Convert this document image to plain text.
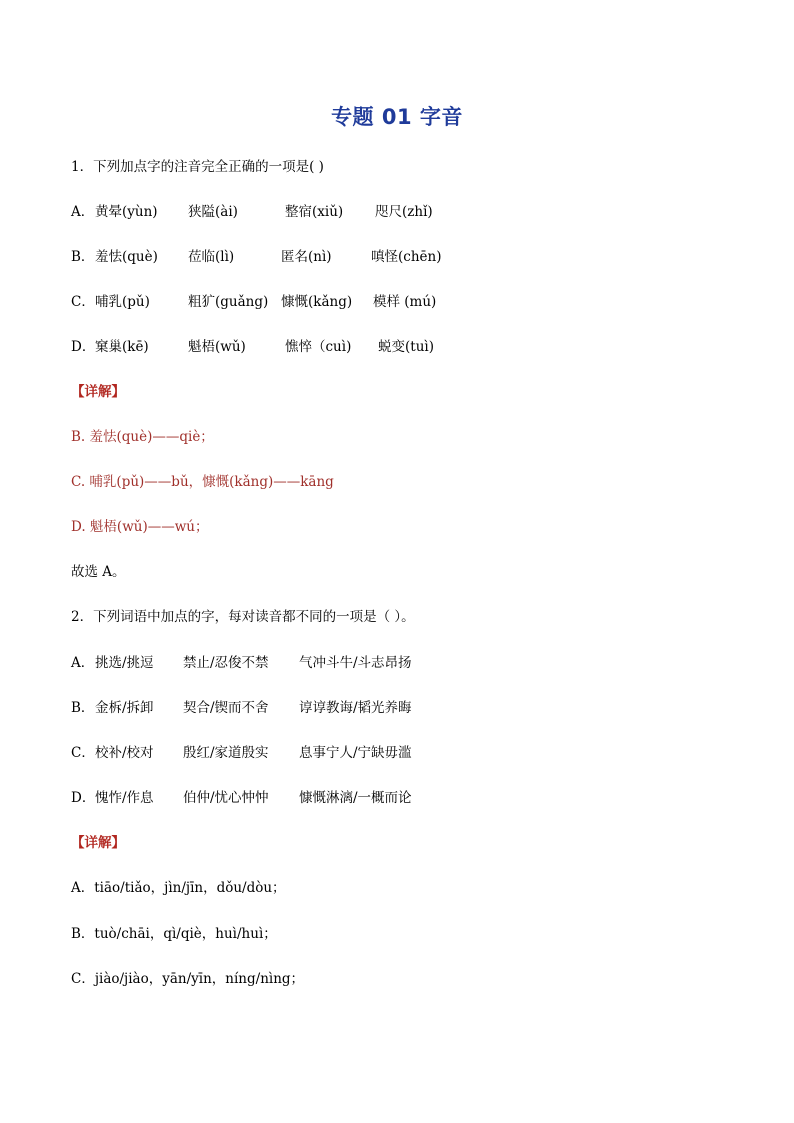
专题 01 字音
1．下列加点字的注音完全正确的一项是( )
A． 黄晕(yùn) 狭隘(ài)	整宿(xiǔ) 咫尺(zhǐ)
B． 羞怯(què) 莅临(lì)	匿名(nì)	嗔怪(chēn)
C． 哺乳(pǔ)	粗犷(guǎng) 慷慨(kǎng) 模样 (mú)
D． 窠巢(kē)	魁梧(wǔ)	憔悴（cuì) 蜕变(tuì)
【详解】
B. 羞怯(què)——qiè；
C. 哺乳(pǔ)——bǔ，慷慨(kǎng)——kāng
D. 魁梧(wǔ)——wú；
故选 A。
2．下列词语中加点的字，每对读音都不同的一项是（ ）。
A． 挑选/挑逗 禁止/忍俊不禁 气冲斗牛/斗志昂扬
B． 金柝/拆卸 契合/锲而不舍 谆谆教诲/韬光养晦
C． 校补/校对 殷红/家道殷实 息事宁人/宁缺毋滥
D． 愧怍/作息 伯仲/忧心忡忡 慷慨淋漓/一概而论
【详解】
A．tiāo/tiǎo，jìn/jīn，dǒu/dòu；
B．tuò/chāi，qì/qiè，huì/huì；
C．jiào/jiào，yān/yīn，níng/nìng；
